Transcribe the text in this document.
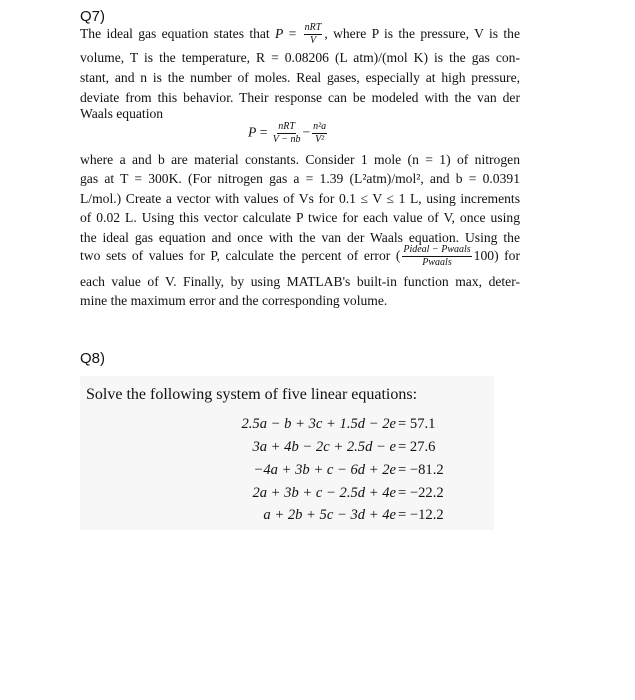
Q7)
The ideal gas equation states that $P = \frac{\text{nRT}}{V}$ , where P is the pressure, V is the
volume, T is the temperature, R = 0.08206 (L atm)/(mol K) is the gas con-
stant, and n is the number of moles. Real gases, especially at high pressure,
deviate from this behavior. Their response can be modeled with the van der
Waals equation
$P = \frac{\text{nRT}}{V - nb} - \frac{\text{n²a}}{\text{V²}}$
where a and b are material constants. Consider 1 mole (n = 1) of nitrogen
gas at T = 300K. (For nitrogen gas a = 1.39 (L²atm)/mol², and b = 0.0391
L/mol.) Create a vector with values of Vs for 0.1 ≤ V ≤ 1 L, using increments
of 0.02 L. Using this vector calculate P twice for each value of V, once using
the ideal gas equation and once with the van der Waals equation. Using the
two sets of values for P, calculate the percent of error ( $\frac{\text{Pideal − Pwaals}}{\text{Pwaals}} 100$) for
each value of V. Finally, by using MATLAB's built-in function max, deter-
mine the maximum error and the corresponding volume.
Q8)
Solve the following system of five linear equations:
2.5a − b + 3c + 1.5d − 2e = 57.1
3a + 4b − 2c + 2.5d − e = 27.6
−4a + 3b + c − 6d + 2e = −81.2
2a + 3b + c − 2.5d + 4e = −22.2
a + 2b + 5c − 3d + 4e = −12.2
